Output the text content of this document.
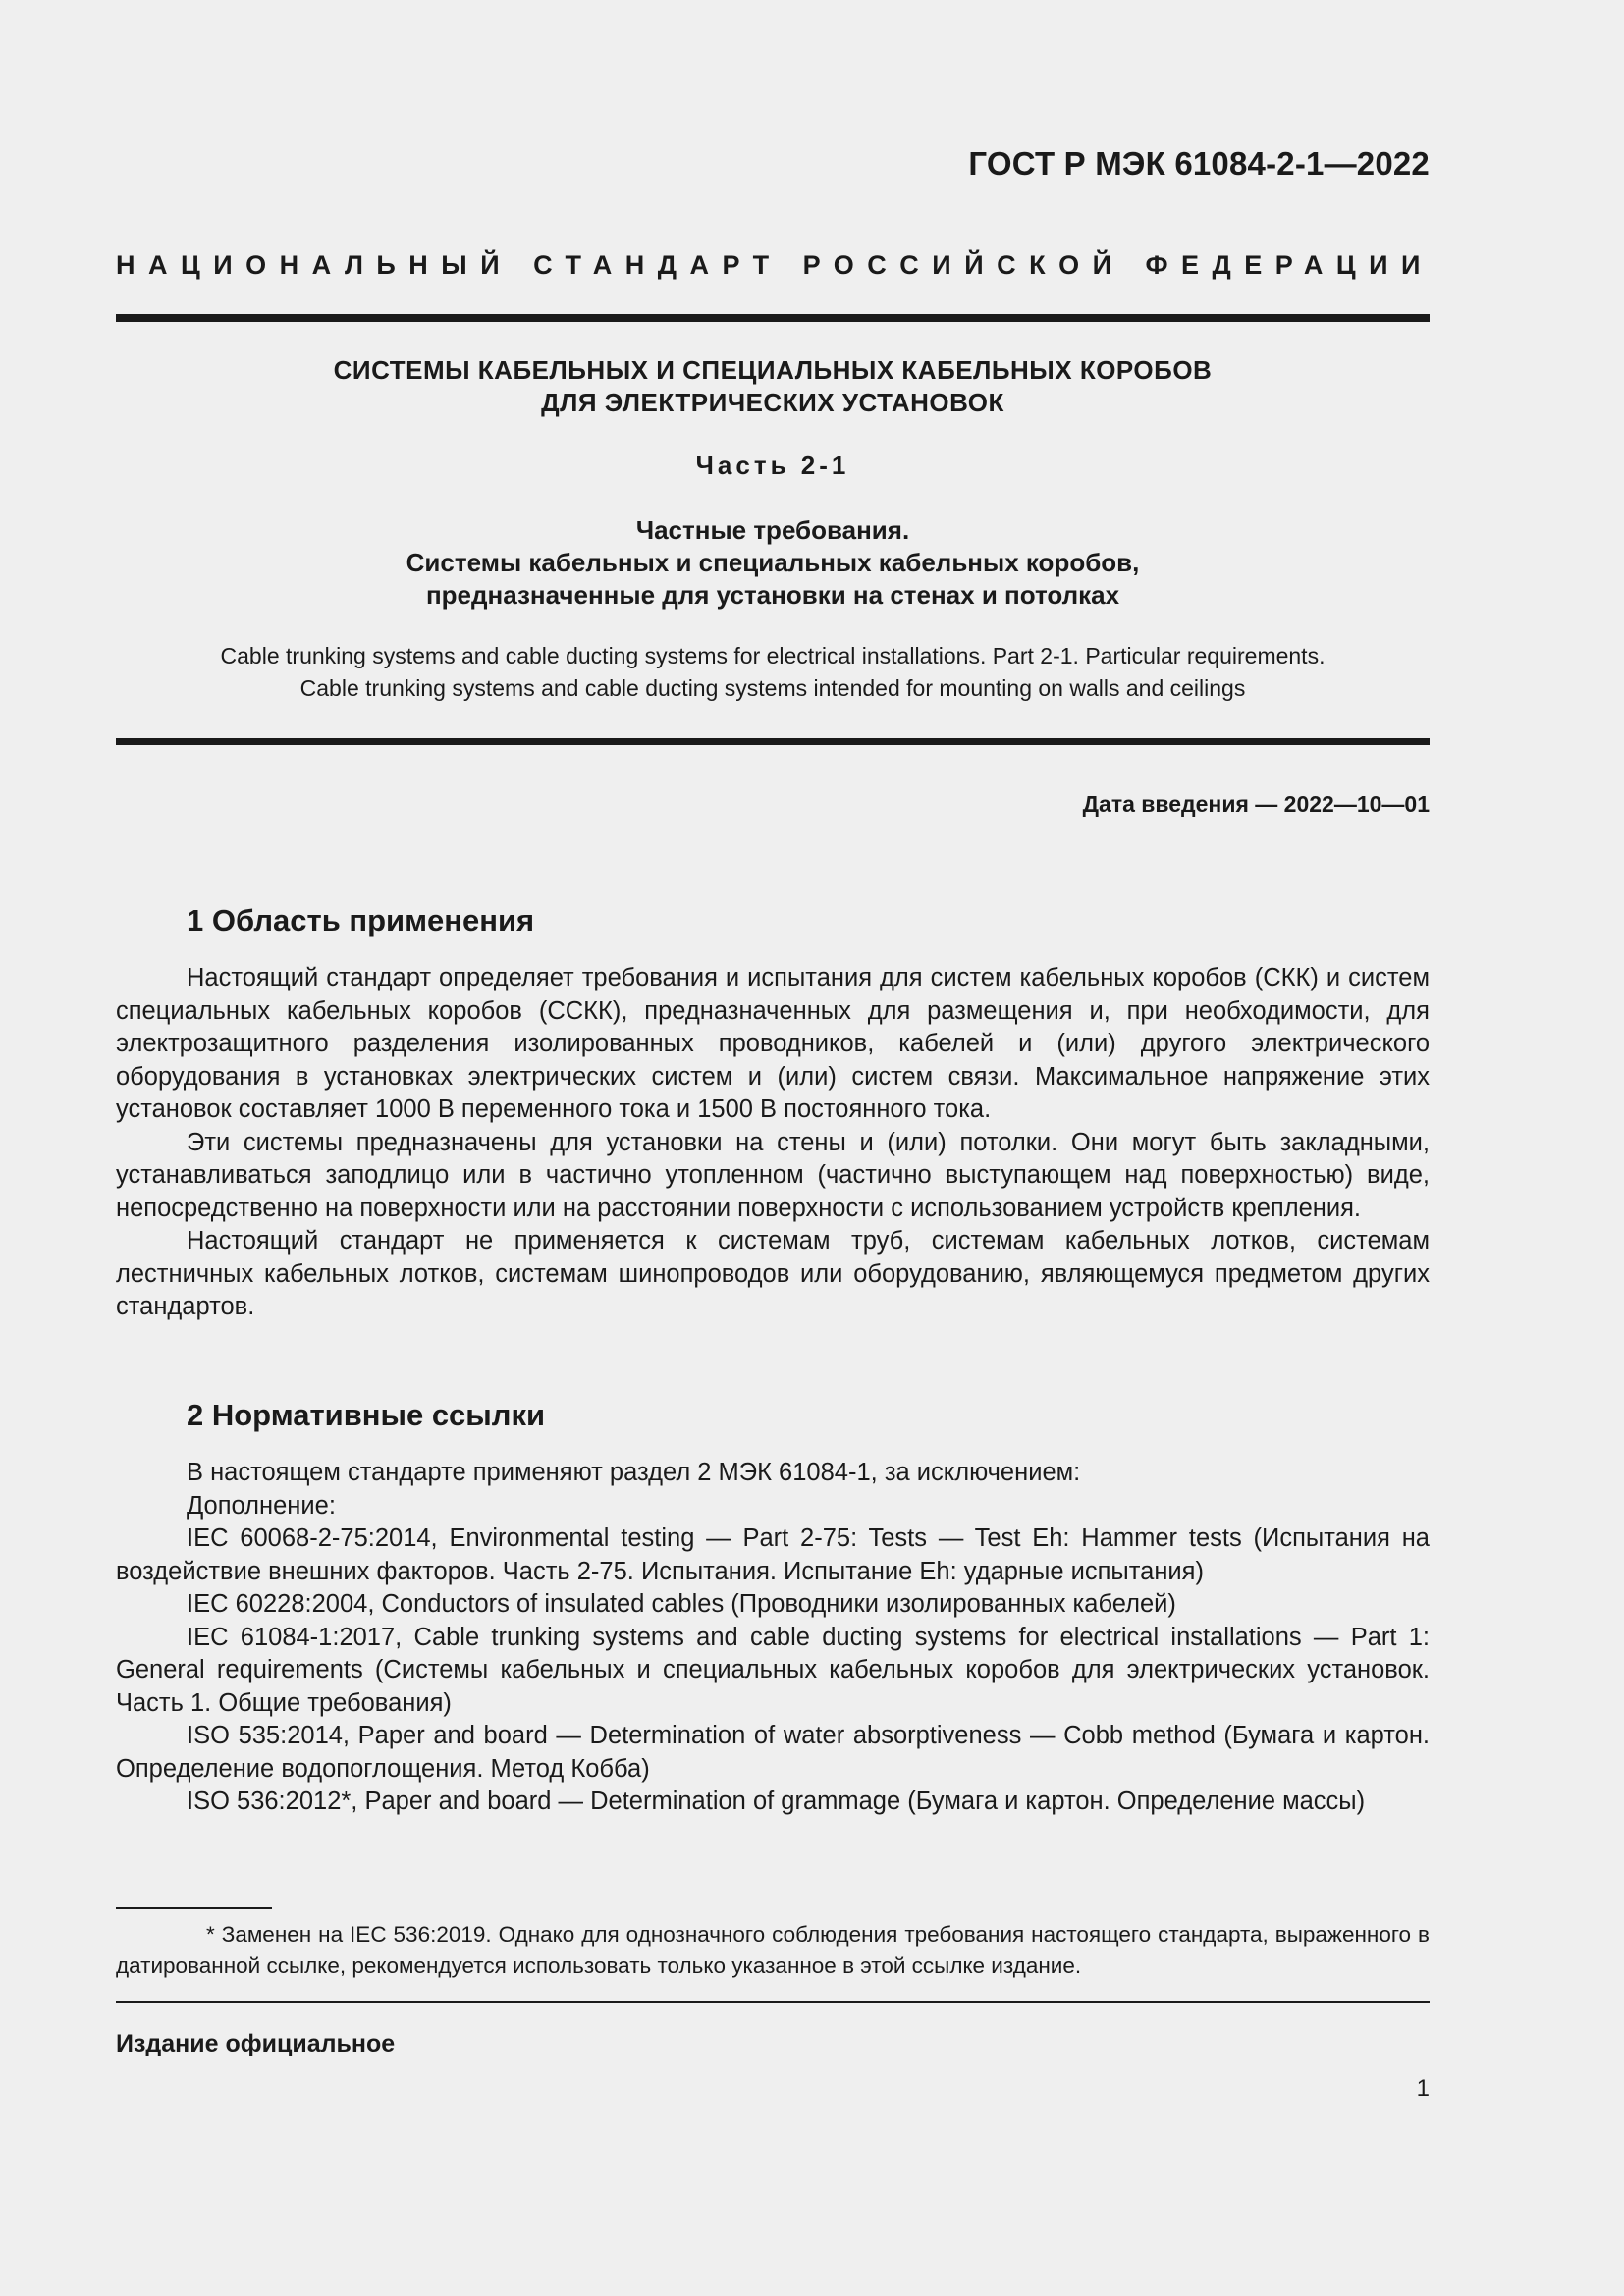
ГОСТ Р МЭК 61084-2-1—2022
НАЦИОНАЛЬНЫЙ СТАНДАРТ РОССИЙСКОЙ ФЕДЕРАЦИИ
СИСТЕМЫ КАБЕЛЬНЫХ И СПЕЦИАЛЬНЫХ КАБЕЛЬНЫХ КОРОБОВ
ДЛЯ ЭЛЕКТРИЧЕСКИХ УСТАНОВОК
Часть 2-1
Частные требования.
Системы кабельных и специальных кабельных коробов,
предназначенные для установки на стенах и потолках
Cable trunking systems and cable ducting systems for electrical installations. Part 2-1. Particular requirements.
Cable trunking systems and cable ducting systems intended for mounting on walls and ceilings
Дата введения — 2022—10—01
1 Область применения

Настоящий стандарт определяет требования и испытания для систем кабельных коробов (СКК) и систем специальных кабельных коробов (ССКК), предназначенных для размещения и, при необходимости, для электрозащитного разделения изолированных проводников, кабелей и (или) другого электрического оборудования в установках электрических систем и (или) систем связи. Максимальное напряжение этих установок составляет 1000 В переменного тока и 1500 В постоянного тока.

Эти системы предназначены для установки на стены и (или) потолки. Они могут быть закладными, устанавливаться заподлицо или в частично утопленном (частично выступающем над поверхностью) виде, непосредственно на поверхности или на расстоянии поверхности с использованием устройств крепления.

Настоящий стандарт не применяется к системам труб, системам кабельных лотков, системам лестничных кабельных лотков, системам шинопроводов или оборудованию, являющемуся предметом других стандартов.

2 Нормативные ссылки

В настоящем стандарте применяют раздел 2 МЭК 61084-1, за исключением:

Дополнение:

IEC 60068-2-75:2014, Environmental testing — Part 2-75: Tests — Test Eh: Hammer tests (Испытания на воздействие внешних факторов. Часть 2-75. Испытания. Испытание Eh: ударные испытания)

IEC 60228:2004, Conductors of insulated cables (Проводники изолированных кабелей)

IEC 61084-1:2017, Cable trunking systems and cable ducting systems for electrical installations — Part 1: General requirements (Системы кабельных и специальных кабельных коробов для электрических установок. Часть 1. Общие требования)

ISO 535:2014, Paper and board — Determination of water absorptiveness — Cobb method (Бумага и картон. Определение водопоглощения. Метод Кобба)

ISO 536:2012*, Paper and board — Determination of grammage (Бумага и картон. Определение массы)

* Заменен на IEC 536:2019. Однако для однозначного соблюдения требования настоящего стандарта, выраженного в датированной ссылке, рекомендуется использовать только указанное в этой ссылке издание.

Издание официальное
1
